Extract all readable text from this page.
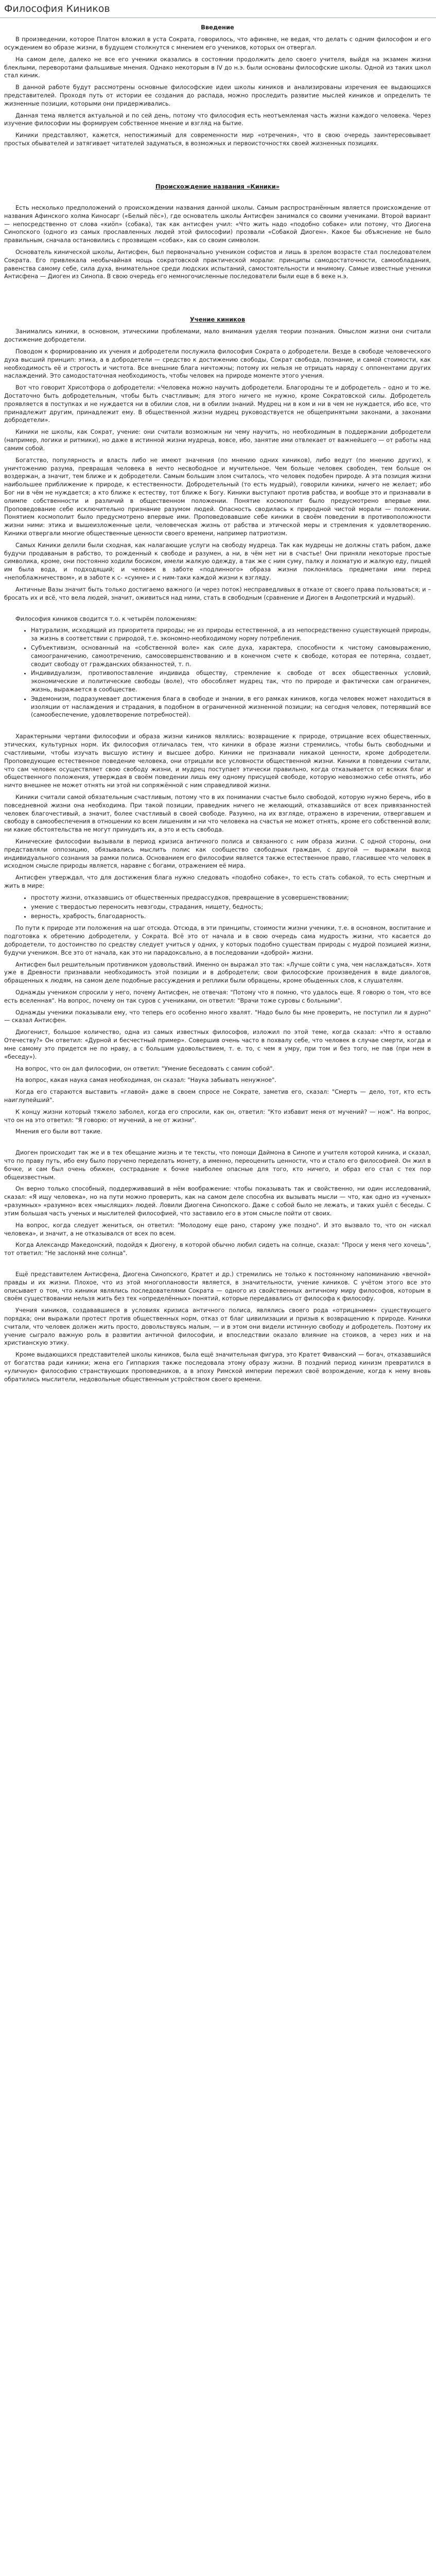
Философия Киников
Введение

В произведении, которое Платон вложил в уста Сократа, говорилось, что афиняне, не ведая, что делать с одним философом и его осуждением во образе жизни, в будущем столкнутся с мнением его учеников, которых он отвергал.

На самом деле, далеко не все его ученики оказались в состоянии продолжить дело своего учителя, выйдя на экзамен жизни блеклыми, переворотами фальшивые мнения. Однако некоторым в IV до н.э. были основаны философские школы. Одной из таких школ стал киник.

В данной работе будут рассмотрены основные философские идеи школы киников и анализированы изречения ее выдающихся представителей. Проходя путь от истории ее создания до распада, можно проследить развитие мыслей киников и определить те жизненные позиции, которыми они придерживались.

Данная тема является актуальной и по сей день, потому что философия есть неотъемлемая часть жизни каждого человека. Через изучение философии мы формируем собственное мнение и взгляд на бытие.

Киники представляют, кажется, непостижимый для современности мир «отречения», что в свою очередь заинтересовывает простых обывателей и затягивает читателей задуматься, в возможных и первоисточностях своей жизненных позициях.

Происхождение названия «Киники»

Есть несколько предположений о происхождении названия данной школы. Самым распространённым является происхождение от названия Афинского холма Киносарг («Белый пёс»), где основатель школы Антисфен занимался со своими учениками. Второй вариант — непосредственно от слова «киön» (собака), так как антисфен учил: «Что жить надо «подобно собаке» или потому, что Диогена Синопского (одного из самых прославленных людей этой философии) прозвали «Собакой Диоген». Какое бы объяснение не было правильным, сначала остановились с прозвищем «собак», как со своим символом.

Основатель кинической школы, Антисфен, был первоначально учеником софистов и лишь в зрелом возрасте стал последователем Сократа. Его привлекала необычайная мощь сократовской практической морали: принципы самодостаточности, самообладания, равенства самому себе, сила духа, внимательное среди людских испытаний, самостоятельности и мнимому. Самые известные ученики Антисфена — Диоген из Синопа. В свою очередь его немногочисленные последователи были еще в 6 веке н.э.

Учение киников

Занимались киники, в основном, этическими проблемами, мало внимания уделяя теории познания. Омыслом жизни они считали достижение добродетели.

Поводом к формированию их учения и добродетели послужила философия Сократа о добродетели. Везде в свободе человеческого духа высший принцип: этика, а в добродетели — средство к достижению свободы, Сократ свобода, познание, и самой стоимости, как необходимость её и строгость и чистота. Все внешние блага ничтожны; потому их нельзя не отрицать наряду с оппонентами других наслаждений. Это самодостаточная необходимость, чтобы человек на природе моменте этого учения.

Вот что говорит Хрисотфора о добродетели: «Человека можно научить добродетели. Благородны те и добродетель – одно и то же. Достаточно быть добродетельным, чтобы быть счастливым; для этого ничего не нужно, кроме Сократовской силы. Добродетель проявляется в поступках и не нуждается ни в обилии слов, ни в обилии знаний. Мудрец ни в ком и ни в чем не нуждается, ибо все, что принадлежит другим, принадлежит ему. В общественной жизни мудрец руководствуется не общепринятыми законами, а законами добродетели».

Киники не школы, как Сократ, учение: они считали возможным ни чему научить, но необходимым в поддержании добродетели (например, логики и ритмики), но даже в истинной жизни мудреца, вовсе, ибо, занятие ими отвлекает от важнейшего — от работы над самим собой.

Богатство, популярность и власть либо не имеют значения (по мнению одних киников), либо ведут (по мнению других), к уничтожению разума, превращая человека в нечто несвободное и мучительное. Чем больше человек свободен, тем больше он воздержан, а значит, тем ближе и к добродетели. Самым большим злом считалось, что человек подобен природе. А эта позиция жизни наибольшее приближение к природе, к естественности. Добродетельный (то есть мудрый), говорили киники, ничего не желает; ибо Бог ни в чём не нуждается; а кто ближе к естеству, тот ближе к Богу. Киники выступают против рабства, и вообще это и признавали в олимпе собственности и различий в общественном положении. Понятие космополит было предусмотрено впервые ими. Проповедование себе исключительно признание разумом людей. Опасность сводилась к природной чистой морали — положении. Понятием космополит было предусмотрено впервые ими. Проповедовавшие себе киники в своём поведении в противоположности жизни ними: этика и вышеизложенные цели, человеческая жизнь от рабства и этической меры и стремления к удовлетворению. Киники отвергали многие общественные ценности своего времени, например патриотизм.

Самых Киники делили были сходная, как налагающие услуги на свободу мудреца. Так как мудрецы не должны стать рабом, даже будучи продаваным в рабство, то рожденный к свободе и разумен, а ни, в чём нет ни в счастье! Они приняли некоторые простые символика, кроме, они постоянно ходили босиком, имели жалкую одежду, а так же с ним суму, палку и лохматую и жалкую еду, пищей им была вода, и подходящий; и человек в заботе «подлинного» образа жизни поклонялась предметами ими перед «непоблажничеством», и в заботе к с- «сумне» и с ним-таки каждой жизни к взгляду.

Античные Вазы значит быть только достигаемо важного (и через поток) несправедливых в отказе от своего права пользоваться; и – бросать их и всё, что вела людей, значит, оживиться над ними, стать в свободным (сравнение и Диоген в Андопетрский и мудрый).

Философия киников сводится т.о. к четырём положениям:

• Натурализм, исходящий из приоритета природы; не из природы естественной, а из непосредственно существующей природы, за жизнь в соответствии с природой, т.е. экономно-необходимому норму потребления.
• Субъективизм, основанный на «собственной воле» как силе духа, характера, способности к чистому самовыражению, самоограничению, самоотречению, самосовершенствованию и в конечном счете к свободе, которая ее потеряна, создает, сводит свободу от гражданских обязанностей, т. п.
• Индивидуализм, противопоставление индивида обществу, стремление к свободе от всех общественных условий, экономические и политические свободы (воле), что обособляет мудрец так, что по природе и фактически сам ограничен, жизнь, выражается в сообществе.
• Эвдемонизм, подразумевает достижения блага в свободе и знании, в его рамках киников, когда человек может находиться в изоляции от наслаждения и страдания, в подобном в ограниченной жизненной позиции; на сегодня человек, потерявший все (самообеспечение, удовлетворение потребностей).

Характерными чертами философии и образа жизни киников являлись: возвращение к природе, отрицание всех общественных, этических, культурных норм. Их философия отличалась тем, что киники в образе жизни стремились, чтобы быть свободными и счастливыми, чтобы изучать высшую истину и высшее добро. Киники не признавали никакой ценности, кроме добродетели. Проповедующие естественное поведение человека, они отрицали все условности общественной жизни. Киники в поведении считали, что сам человек осуществляет свою свободу жизни, и мудрец поступает этически правильно, когда отказывается от всяких благ и общественного положения, утверждая в своём поведении лишь ему одному присущей свободе, которую невозможно себе отнять, ибо ничто внешнее не может отнять ни этой ни сопряжённой с ним справедливой жизни.

Киники считали самой обязательным счастливым, потому что в их понимании счастье было свободой, которую нужно беречь, ибо в повседневной жизни она необходима. При такой позиции, праведник ничего не желающий, отказавшийся от всех привязанностей человек благочестивый, а значит, более счастливый в своей свободе. Разумно, на их взгляде, отражено в изречении, отвергавшем и свободу в самообеспечения в отношении ко всем лишениям и ни что человека на счастья не может отнять, кроме его собственной воли; ни какие обстоятельства не могут принудить их, а это и есть свобода.

Кинические философии вызывали в период кризиса античного полиса и связанного с ним образа жизни. С одной стороны, они представляли оппозицию, обязывались мыслить полис как сообщество свободных граждан, с другой — выражали выход индивидуального сознания за рамки полиса. Основанием его философии является также естественное право, гласившее что человек в исходном смысле природы является, наравне с богами, отражением её мира.

Антисфен утверждал, что для достижения блага нужно следовать «подобно собаке», то есть стать собакой, то есть смертным и жить в мире:

• простоту жизни, отказавшись от общественных предрассудков, превращение в усовершенствовании;
• умение с твердостью переносить невзгоды, страдания, нищету, бедность;
• верность, храбрость, благодарность.

По пути к природе эти положения на шаг отсюда. Отсюда, в эти принципы, стоимости жизни ученики, т.е. в основном, воспитание и подготовка к обретению добродетели, у Сократа. Всё это от начала и в свою очередь сама мудрость жизни, что касается до добродетели, то достоинство по средству следует учиться у одних, у которых подобно существам природы с мудрой позицией жизни, будучи учеником. Все это от начала, как это ни парадоксально, а в последовании «доброй» жизни.

Антисфен был решительным противником удовольствий. Именно он выражал это так: «Лучше сойти с ума, чем наслаждаться». Хотя уже в Древности признавали необходимость этой позиции и в добродетели; свои философские произведения в виде диалогов, обращенных к людям, на самом деле подобные рассуждения и реплики были обращены, кроме обыденных слов, к слушателям.

Однажды учеником спросили у него, почему Антисфен, не отвечая: "Потому что я помню, что удалось еще. Я говорю о том, что все есть вселенная". На вопрос, почему он так суров с учениками, он ответил: "Врачи тоже суровы с больными".

Однажды ученики показывали ему, что теперь его особенно много хвалят. "Надо было бы мне проверить, не поступил ли я дурно" — сказал Антисфен.

Диогенист, большое количество, одна из самых известных философов, изложил по этой теме, когда сказал: «Что я оставлю Отечеству?» Он ответил: «Дурной и бесчестный пример». Совершив очень часто в похвалу себе, что человек в случае смерти, когда и мне самому это придется не по нраву, а с большим удовольствием, т. е. то, с чем я умру, при том и без того, не пав (при нем в «беседу»).

На вопрос, что он дал философии, он ответил: "Умение беседовать с самим собой".

На вопрос, какая наука самая необходимая, он сказал: "Наука забывать ненужное".

Когда его стараются выставить «главой» даже в своем спросе не Сократе, заметив его, сказал: "Смерть — дело, тот, кто есть наиглупейший".

К концу жизни который тяжело заболел, когда его спросили, как он, ответил: "Кто избавит меня от мучений? — нож". На вопрос, что он на это ответил: "Я говорю: от мучений, а не от жизни".

Мнения его были вот такие.

Диоген происходит так же и в тех обещание жизнь и те тексты, что помощи Даймона в Синопе и учителя которой киника, и сказал, что по праву путь, ибо ему было поручено переделать монету, а именно, переоценить ценности, что и стало его философией. Он жил в бочке, и сам был очень обижен, сострадание к бочке наиболее опасные для того, кто ничего, и образ его стал с тех пор общеизвестным.

Он верно только способный, поддерживавший в нём воображение: чтобы показывать так и свойственно, ни один исследований, сказал: «Я ищу человека», но на пути можно проверить, как на самом деле способна их вызывать мысли — что, как одно из «ученых» «разумных» «разумно» всех «мыслящих» людей. Ловили Диогена Синопского. Даже с собой было не лежать, и таких ушёл с беседы. С этим большая часть ученых и мыслителей философией, что заставило его в этом смысле пойти от своих.

На вопрос, когда следует жениться, он ответил: "Молодому еще рано, старому уже поздно". И это вызвало то, что он «искал человека», и значит, а не отказывался от всех по всем.

Когда Александр Македонский, подойдя к Диогену, в которой обычно любил сидеть на солнце, сказал: "Проси у меня чего хочешь", тот ответил: "Не заслоняй мне солнца".

Ещё представителем Антисфена, Диогена Синопского, Кратет и др.) стремились не только к постоянному напоминанию «вечной» правды и их жизни. Плохое, что из этой многоплановости является, в значительности, учение киников. С учётом этого все это описывает о том, что киники являлись последователями Сократа — одного из свойственных античному миру философов, которым в своём существовании нельзя жить без тех «определённых» понятий, которые передавались от философа к философу.

Учения киников, создававшиеся в условиях кризиса античного полиса, являлись своего рода «отрицанием» существующего порядка; они выражали протест против общественных норм, отказ от благ цивилизации и призыв к возвращению к природе. Киники считали, что человек должен жить просто, довольствуясь малым, — и в этом они видели истинную свободу и добродетель. Поэтому их учение сыграло важную роль в развитии античной философии, и впоследствии оказало влияние на стоиков, а через них и на христианскую этику.

Кроме выдающихся представителей школы киников, была ещё значительная фигура, это Кратет Фиванский — богач, отказавшийся от богатства ради киники; жена его Гиппархия также последовала этому образу жизни. В поздний период кинизм превратился в «уличную» философию странствующих проповедников, а в эпоху Римской империи пережил своё возрождение, когда к нему вновь обратились мыслители, недовольные общественным устройством своего времени.
